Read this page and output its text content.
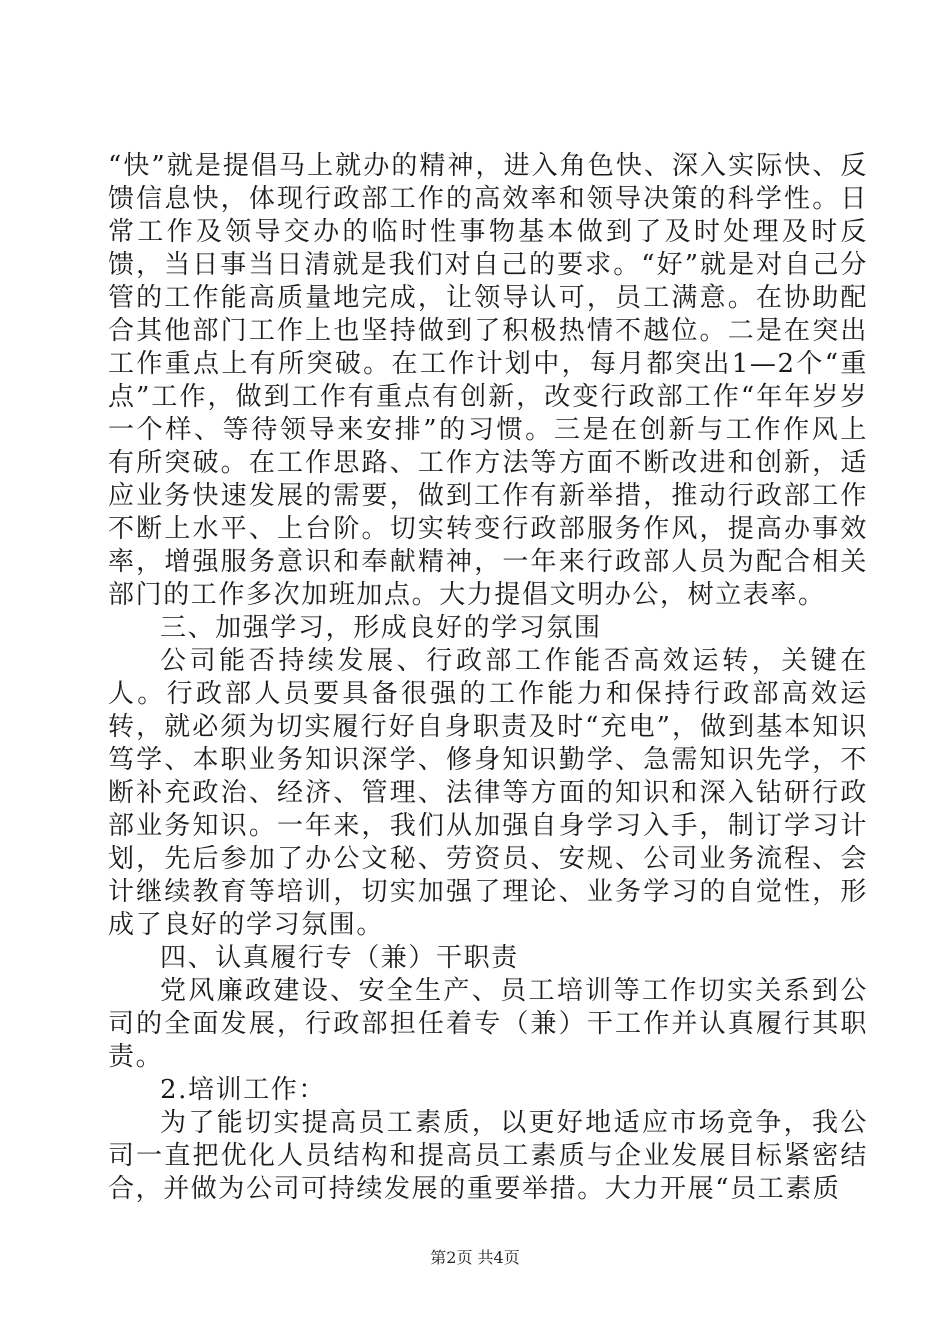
“快”就是提倡马上就办的精神，进入角色快、深入实际快、反馈信息快，体现行政部工作的高效率和领导决策的科学性。日常工作及领导交办的临时性事物基本做到了及时处理及时反馈，当日事当日清就是我们对自己的要求。“好”就是对自己分管的工作能高质量地完成，让领导认可，员工满意。在协助配合其他部门工作上也坚持做到了积极热情不越位。二是在突出工作重点上有所突破。在工作计划中，每月都突出1—2个“重点”工作，做到工作有重点有创新，改变行政部工作“年年岁岁一个样、等待领导来安排”的习惯。三是在创新与工作作风上有所突破。在工作思路、工作方法等方面不断改进和创新，适应业务快速发展的需要，做到工作有新举措，推动行政部工作不断上水平、上台阶。切实转变行政部服务作风，提高办事效率，增强服务意识和奉献精神，一年来行政部人员为配合相关部门的工作多次加班加点。大力提倡文明办公，树立表率。

三、加强学习，形成良好的学习氛围

公司能否持续发展、行政部工作能否高效运转，关键在人。行政部人员要具备很强的工作能力和保持行政部高效运转，就必须为切实履行好自身职责及时“充电”，做到基本知识笃学、本职业务知识深学、修身知识勤学、急需知识先学，不断补充政治、经济、管理、法律等方面的知识和深入钻研行政部业务知识。一年来，我们从加强自身学习入手，制订学习计划，先后参加了办公文秘、劳资员、安规、公司业务流程、会计继续教育等培训，切实加强了理论、业务学习的自觉性，形成了良好的学习氛围。

四、认真履行专（兼）干职责

党风廉政建设、安全生产、员工培训等工作切实关系到公司的全面发展，行政部担任着专（兼）干工作并认真履行其职责。

2.培训工作：

为了能切实提高员工素质，以更好地适应市场竞争，我公司一直把优化人员结构和提高员工素质与企业发展目标紧密结合，并做为公司可持续发展的重要举措。大力开展“员工素质

第2页 共4页
